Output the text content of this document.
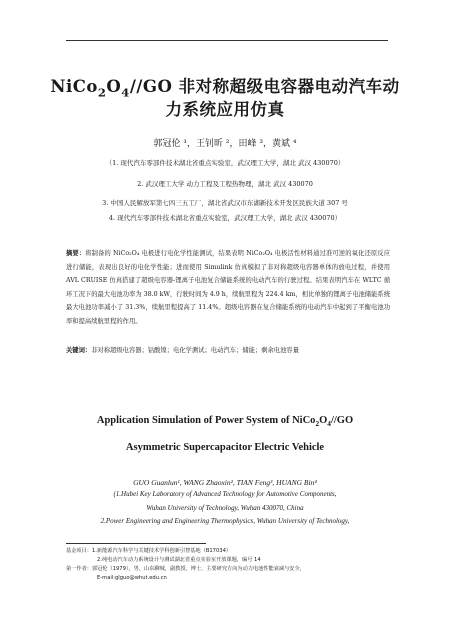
$NiCo_2O_4//GO$ 非对称超级电容器电动汽车动
力系统应用仿真
郭冠伦 ¹，王钊昕 ²，田峰 ³，黄斌 ⁴
（1. 现代汽车零部件技术湖北省重点实验室，武汉理工大学，湖北 武汉 430070）
2. 武汉理工大学 动力工程及工程热物理，湖北 武汉 430070
3. 中国人民解放军第七四三五工厂，湖北省武汉市东湖新技术开发区民族大道 307 号
4. 现代汽车零部件技术湖北省重点实验室，武汉理工大学，湖北 武汉 430070）
摘要：将制备的 NiCo₂O₄ 电极进行电化学性能测试，结果表明 NiCo₂O₄ 电极活性材料通过准可逆的氧化还原反应进行储能，表现出良好的电化学性能；进而使用 Simulink 仿真模拟了非对称超级电容器单体的放电过程，并使用 AVL CRUISE 仿真搭建了超级电容器-锂离子电池复合储能系统的电动汽车的行驶过程。结果表明汽车在 WLTC 循环工况下的最大电池功率为 38.0 kW，行驶时间为 4.9 h，续航里程为 224.4 km，相比单独的锂离子电池储能系统最大电池功率减小了 31.3%，续航里程提高了 11.4%。超级电容器在复合储能系统的电动汽车中起到了平衡电池功率和提高续航里程的作用。
关键词：非对称超级电容器；钴酸镍；电化学测试；电动汽车；储能；剩余电池容量
Application Simulation of Power System of $NiCo_2O_4//GO$
Asymmetric Supercapacitor Electric Vehicle
GUO Guanlun¹, WANG Zhaoxin², TIAN Feng³, HUANG Bin⁴
(1.Hubei Key Laboratory of Advanced Technology for Automotive Components,
Wuhan University of Technology, Wuhan 430070, China
2.Power Engineering and Engineering Thermophysics, Wuhan University of Technology,
基金项目：1.新能源汽车科学与关键技术学科创新引智基地（B17034）
2.纯电动汽车动力系统设计与测试湖北省重点实验室开放课题，编号 14
第一作者：郭冠伦（1979），男，山东聊城，副教授，博士，主要研究方向为动力电池性能衰减与安全，
E-mail:glguo@whut.edu.cn
